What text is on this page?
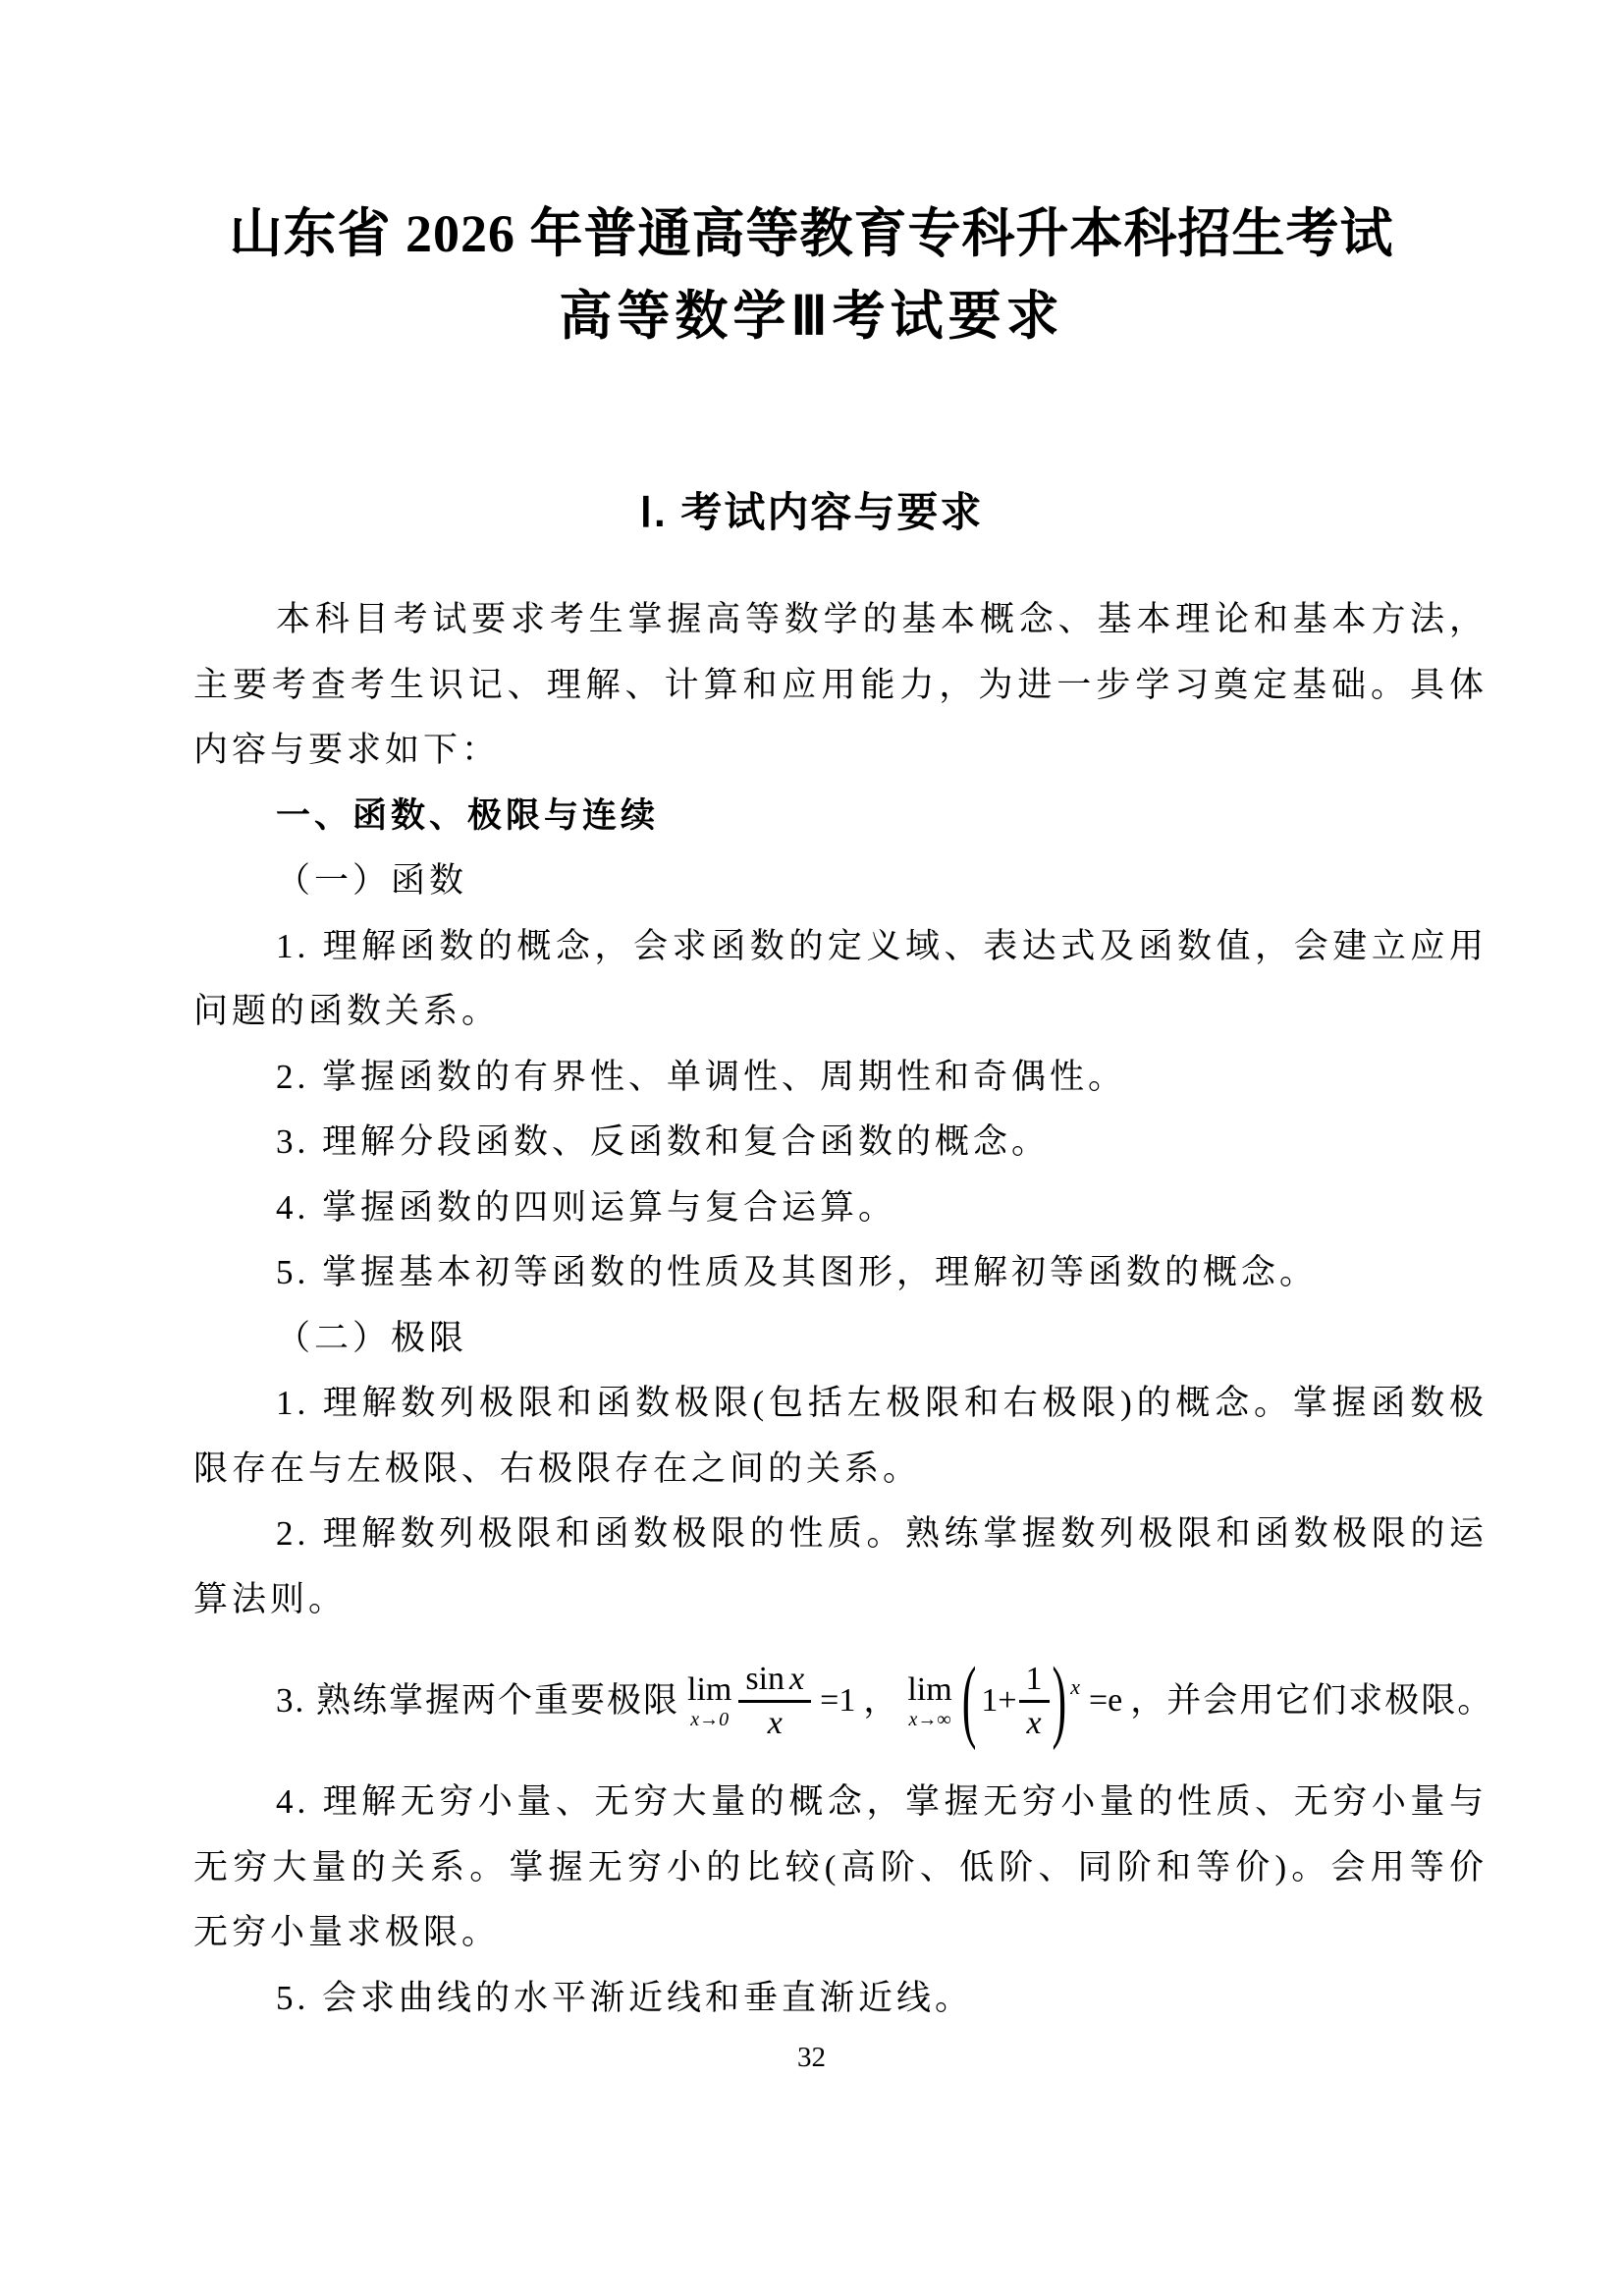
山东省 2026 年普通高等教育专科升本科招生考试
高等数学Ⅲ考试要求
Ⅰ. 考试内容与要求

本科目考试要求考生掌握高等数学的基本概念、基本理论和基本方法，主要考查考生识记、理解、计算和应用能力，为进一步学习奠定基础。具体内容与要求如下：

一、函数、极限与连续

（一）函数

1. 理解函数的概念，会求函数的定义域、表达式及函数值，会建立应用问题的函数关系。

2. 掌握函数的有界性、单调性、周期性和奇偶性。

3. 理解分段函数、反函数和复合函数的概念。

4. 掌握函数的四则运算与复合运算。

5. 掌握基本初等函数的性质及其图形，理解初等函数的概念。

（二）极限

1. 理解数列极限和函数极限(包括左极限和右极限)的概念。掌握函数极限存在与左极限、右极限存在之间的关系。

2. 理解数列极限和函数极限的性质。熟练掌握数列极限和函数极限的运算法则。

3. 熟练掌握两个重要极限 lim
$x\to 0 \frac{\text{sin x}}{x} =1$ ， lim
x→∞ ( $1+ \frac{1}{x}$ ) x =e ，并会用它们求极限。

4. 理解无穷小量、无穷大量的概念，掌握无穷小量的性质、无穷小量与无穷大量的关系。掌握无穷小的比较(高阶、低阶、同阶和等价)。会用等价无穷小量求极限。

5. 会求曲线的水平渐近线和垂直渐近线。

32
